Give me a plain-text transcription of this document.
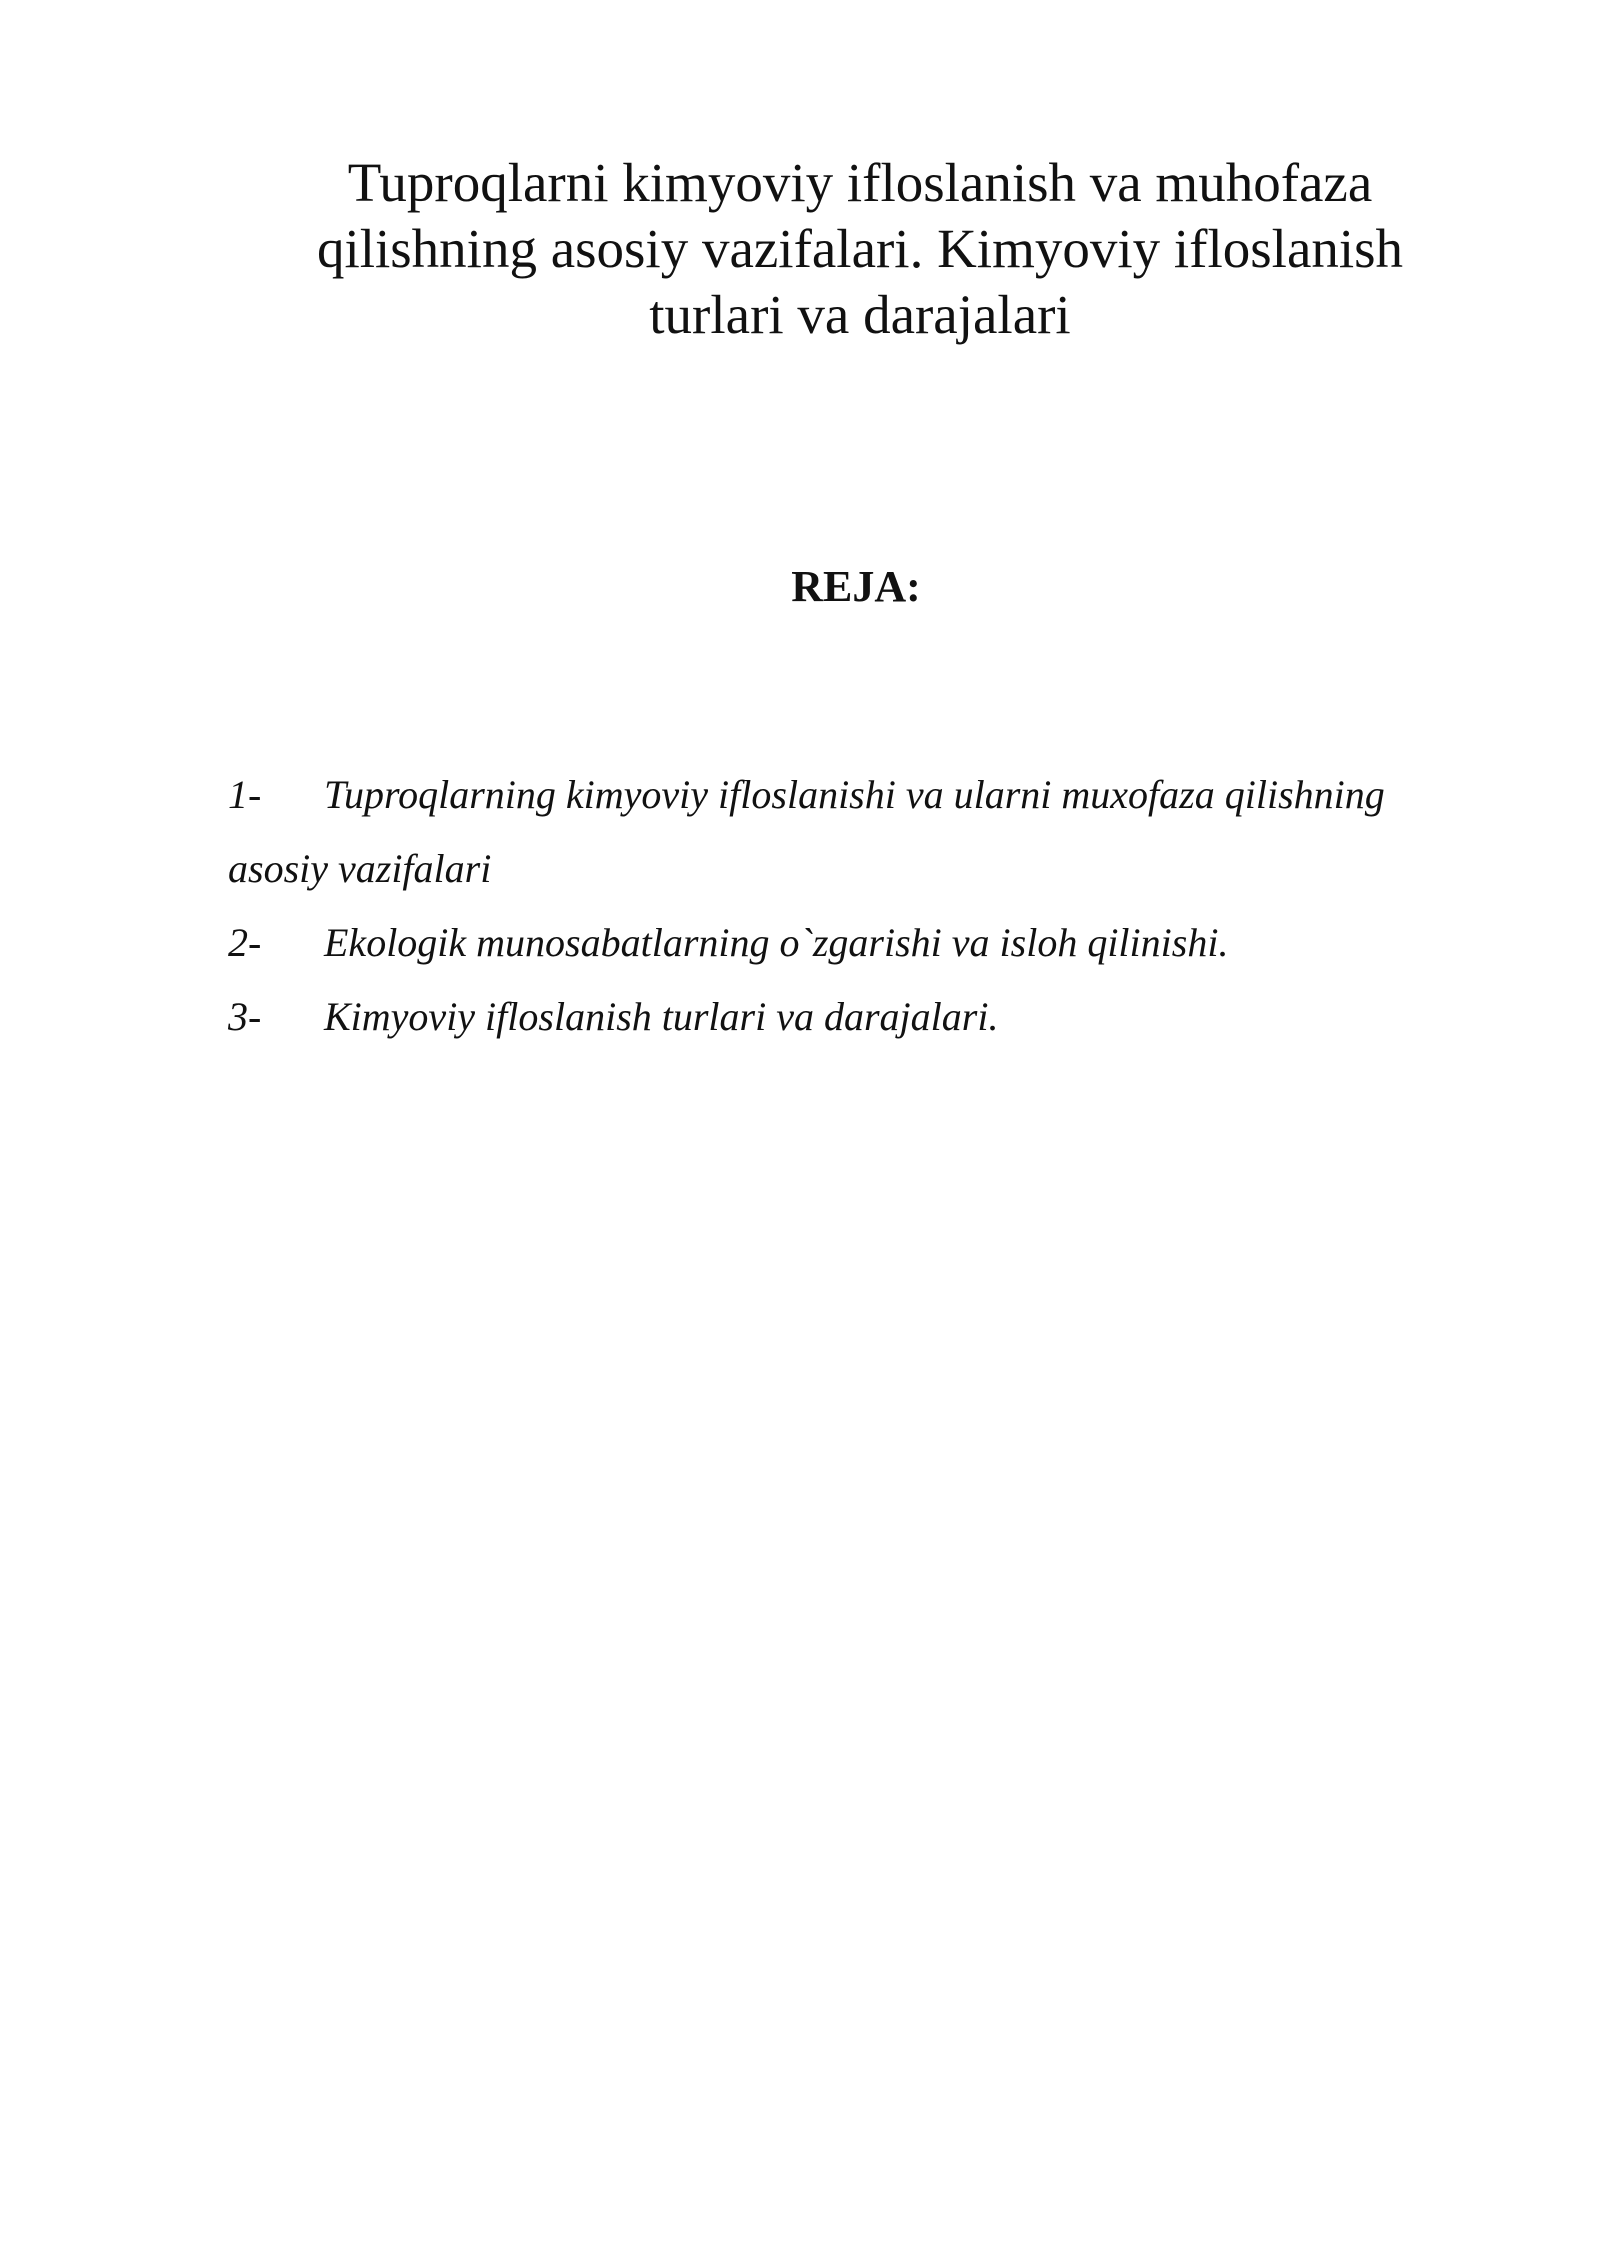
Tuproqlarni kimyoviy ifloslanish va muhofaza
qilishning asosiy vazifalari. Kimyoviy ifloslanish
turlari va darajalari
REJA:
1- Tuproqlarning kimyoviy ifloslanishi va ularni muxofaza qilishning
asosiy vazifalari
2- Ekologik munosabatlarning o`zgarishi va isloh qilinishi.
3- Kimyoviy ifloslanish turlari va darajalari.
